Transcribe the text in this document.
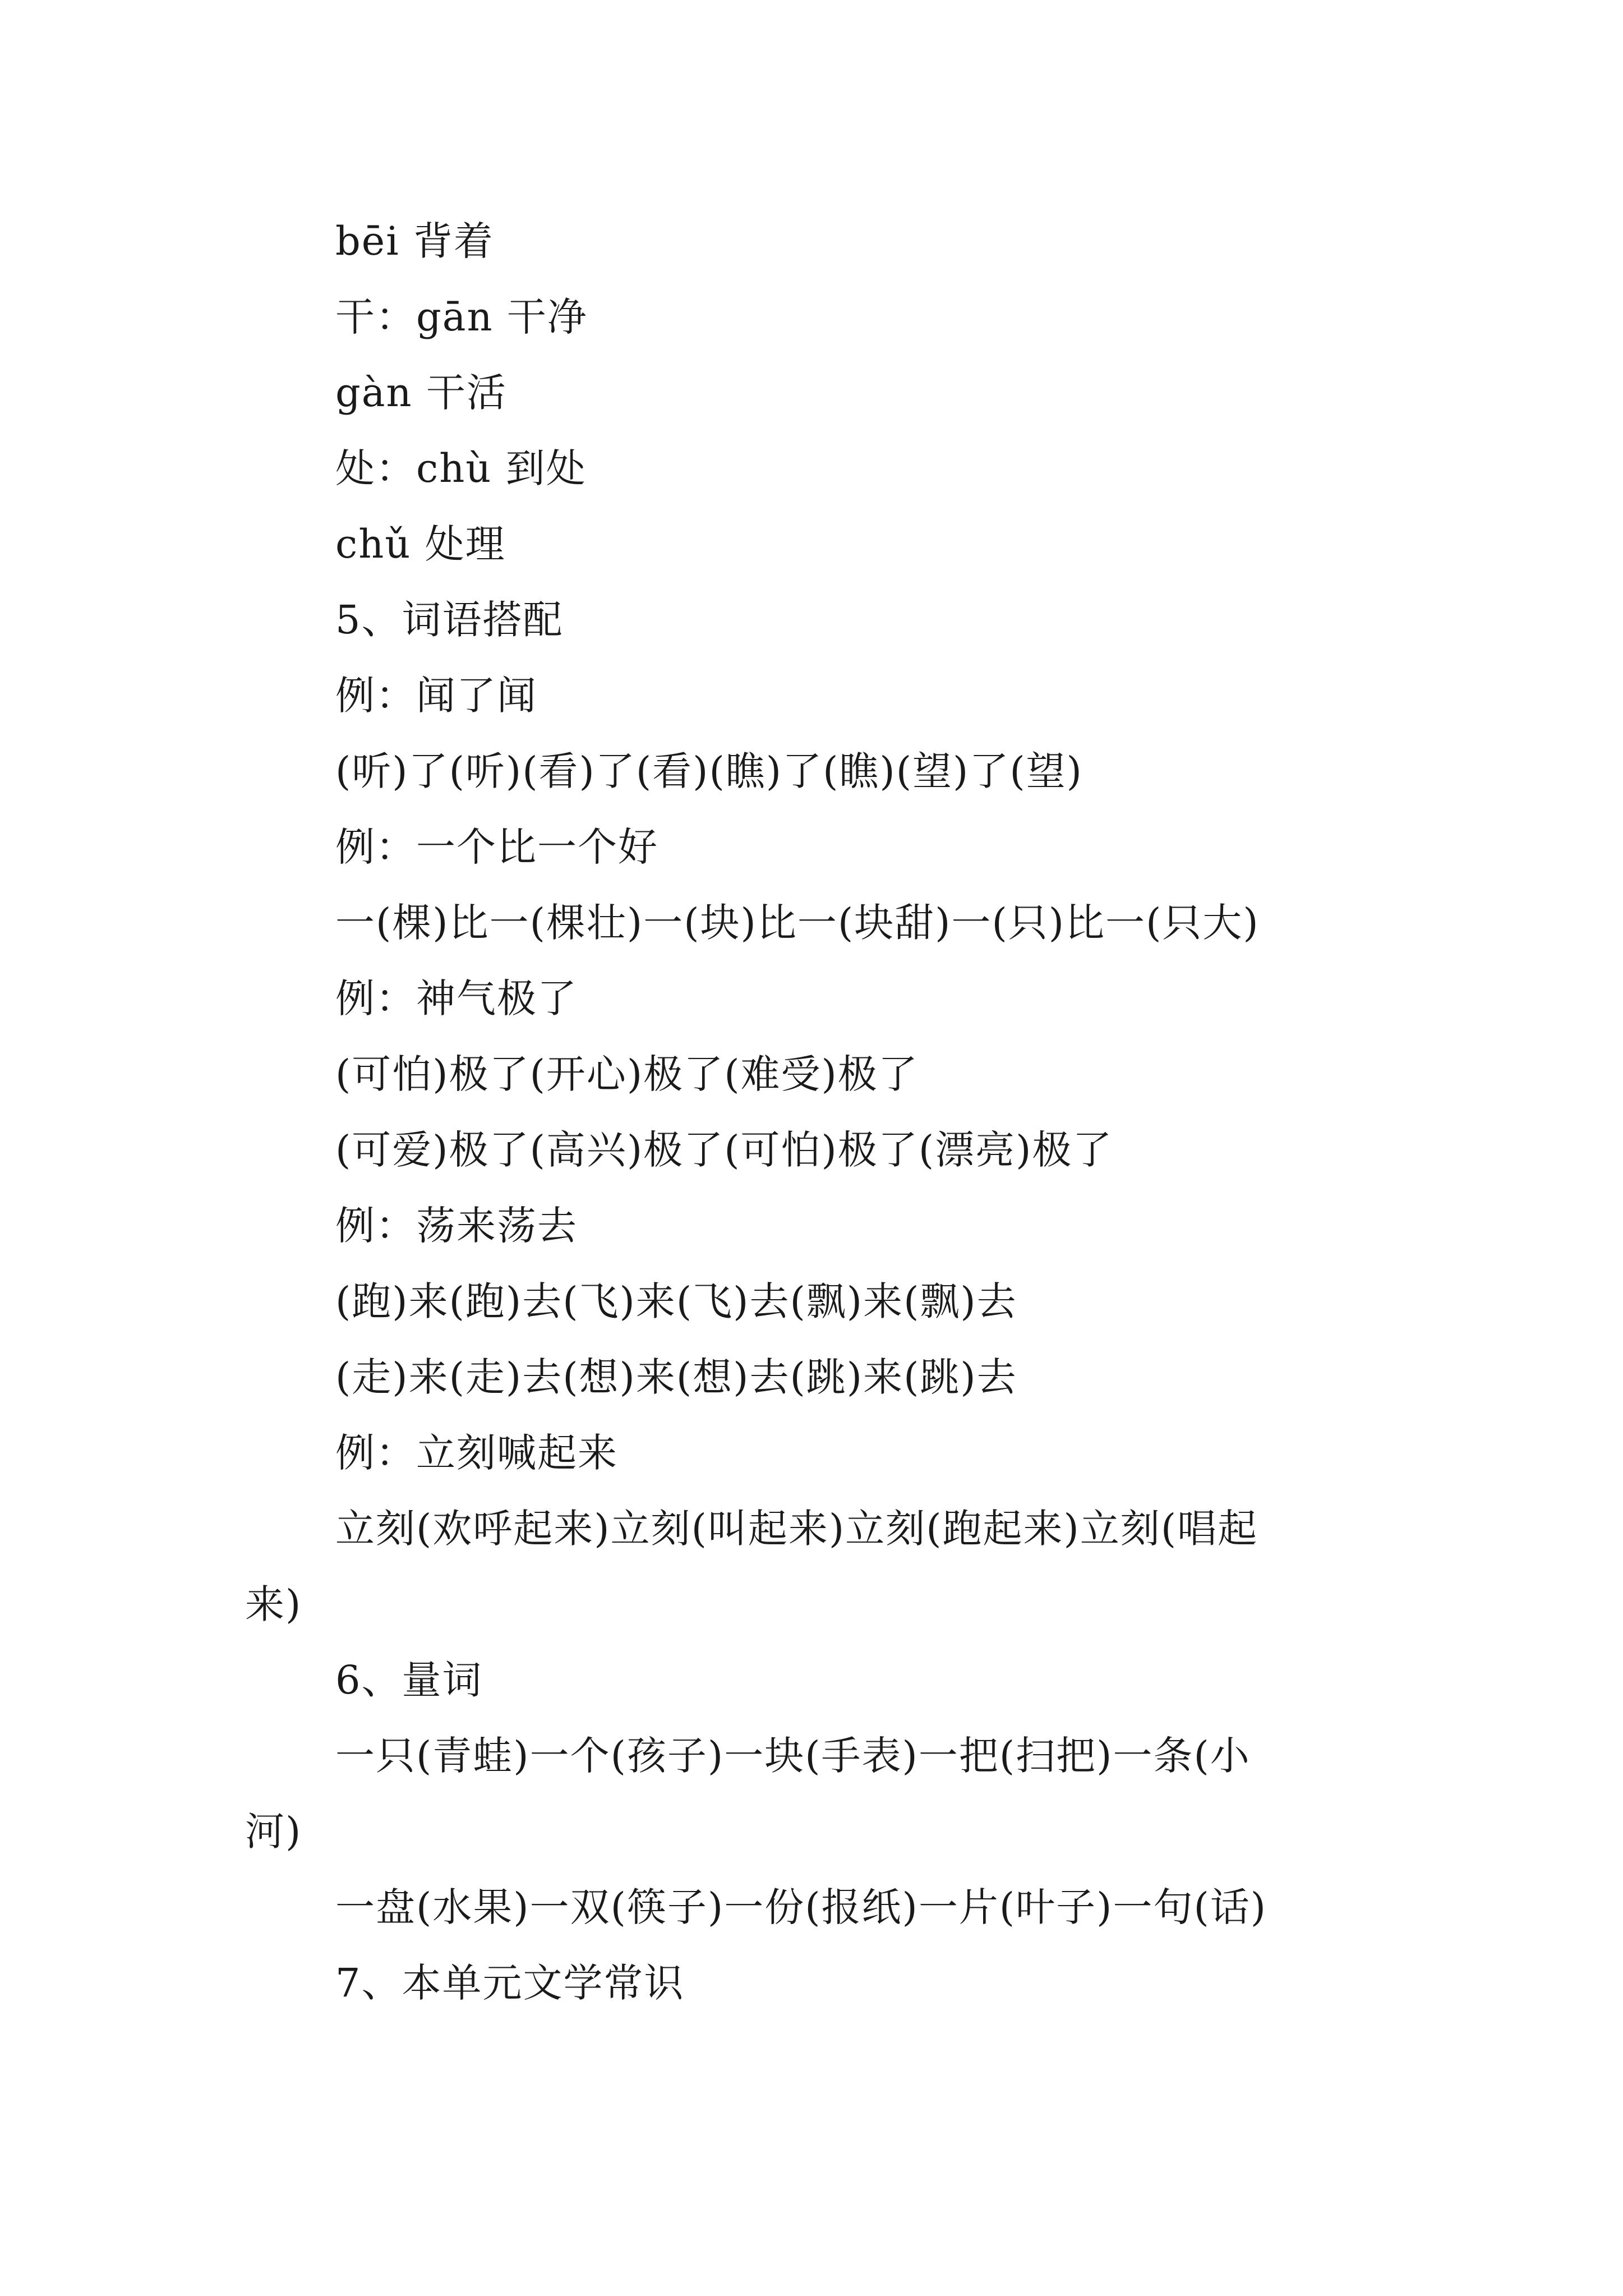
bēi 背着
干：gān 干净
gàn 干活
处：chù 到处
chǔ 处理
5、词语搭配
例：闻了闻
(听)了(听)(看)了(看)(瞧)了(瞧)(望)了(望)
例：一个比一个好
一(棵)比一(棵壮)一(块)比一(块甜)一(只)比一(只大)
例：神气极了
(可怕)极了(开心)极了(难受)极了
(可爱)极了(高兴)极了(可怕)极了(漂亮)极了
例：荡来荡去
(跑)来(跑)去(飞)来(飞)去(飘)来(飘)去
(走)来(走)去(想)来(想)去(跳)来(跳)去
例：立刻喊起来
立刻(欢呼起来)立刻(叫起来)立刻(跑起来)立刻(唱起
来)
6、量词
一只(青蛙)一个(孩子)一块(手表)一把(扫把)一条(小
河)
一盘(水果)一双(筷子)一份(报纸)一片(叶子)一句(话)
7、本单元文学常识
